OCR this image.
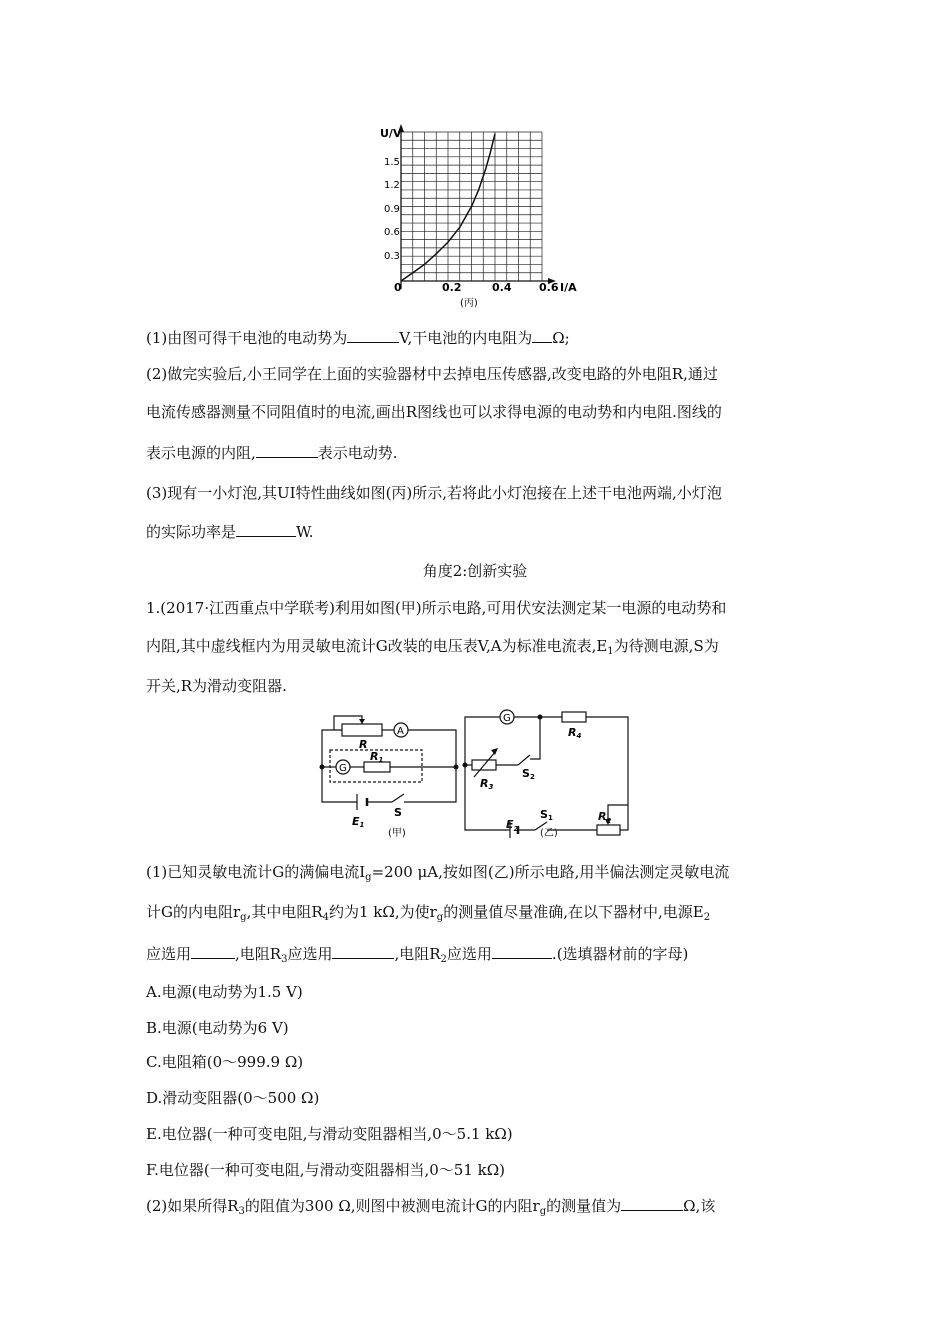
U/V
I/A
0
1.5
1.2
0.9
0.6
0.3
0.2	0.4	0.6
(丙)
(1)由图可得干电池的电动势为	V,干电池的内电阻为 Ω;
(2)做完实验后,小王同学在上面的实验器材中去掉电压传感器,改变电路的外电阻R,通过
电流传感器测量不同阻值时的电流,画出R图线也可以求得电源的电动势和内电阻.图线的
表示电源的内阻,	表示电动势.
(3)现有一小灯泡,其UI特性曲线如图(丙)所示,若将此小灯泡接在上述干电池两端,小灯泡
的实际功率是	W.
角度2:创新实验
1.(2017·江西重点中学联考)利用如图(甲)所示电路,可用伏安法测定某一电源的电动势和
内阻,其中虚线框内为用灵敏电流计G改装的电压表V,A为标准电流表$,E_1$为待测电源,S为
开关,R为滑动变阻器.
A
G
R
R1
E1
S
(甲)
G
R4
R3
S2
S1
$E_2$
$R_2$
(乙)
(1)已知灵敏电流计G的满偏电流$I_g=200$ μA,按如图(乙)所示电路,用半偏法测定灵敏电流
计G的内电阻$r_g$,其中电阻$R_4$约为1 kΩ,为使$r_g$的测量值尽量准确,在以下器材中,电源$E_2$
应选用	,电阻$R_3$应选用	,电阻$R_2$应选用	.(选填器材前的字母)
A.电源(电动势为1.5 V)
B.电源(电动势为6 V)
C.电阻箱(0～999.9 Ω)
D.滑动变阻器(0～500 Ω)
E.电位器(一种可变电阻,与滑动变阻器相当,0～5.1 kΩ)
F.电位器(一种可变电阻,与滑动变阻器相当,0～51 kΩ)
(2)如果所得$R_3$的阻值为300 Ω,则图中被测电流计G的内阻$r_g$的测量值为	Ω,该
